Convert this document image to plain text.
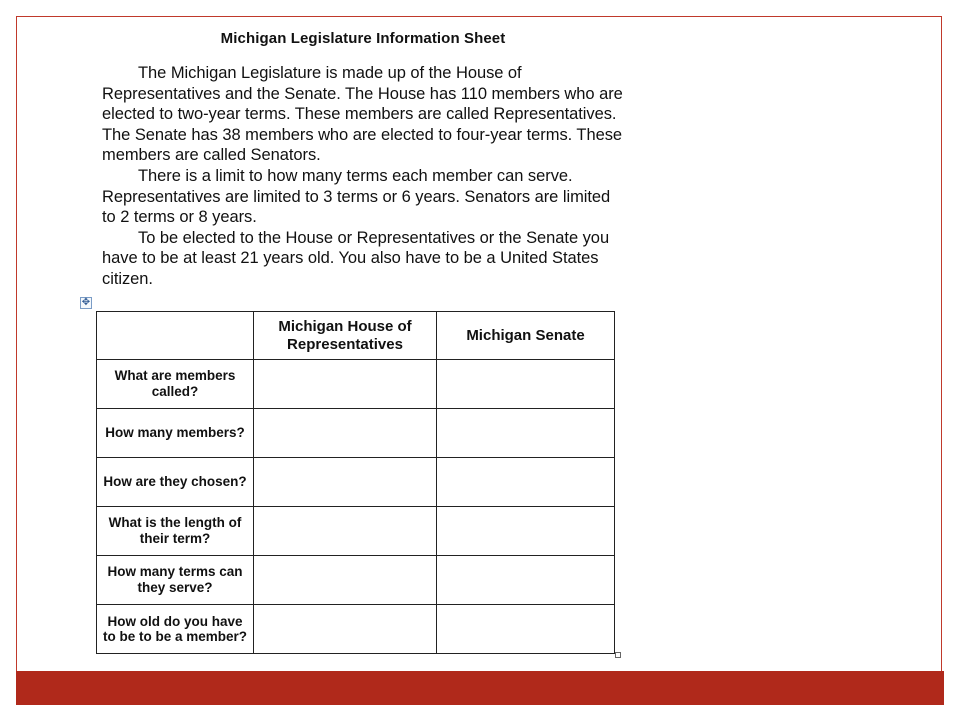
Michigan Legislature Information Sheet

The Michigan Legislature is made up of the House of Representatives and the Senate. The House has 110 members who are elected to two-year terms. These members are called Representatives. The Senate has 38 members who are elected to four-year terms. These members are called Senators.

There is a limit to how many terms each member can serve. Representatives are limited to 3 terms or 6 years. Senators are limited to 2 terms or 8 years.

To be elected to the House or Representatives or the Senate you have to be at least 21 years old. You also have to be a United States citizen.

✥
	Michigan House of Representatives	Michigan Senate
What are members called?		
How many members?		
How are they chosen?		
What is the length of their term?		
How many terms can they serve?		
How old do you have to be to be a member?		
